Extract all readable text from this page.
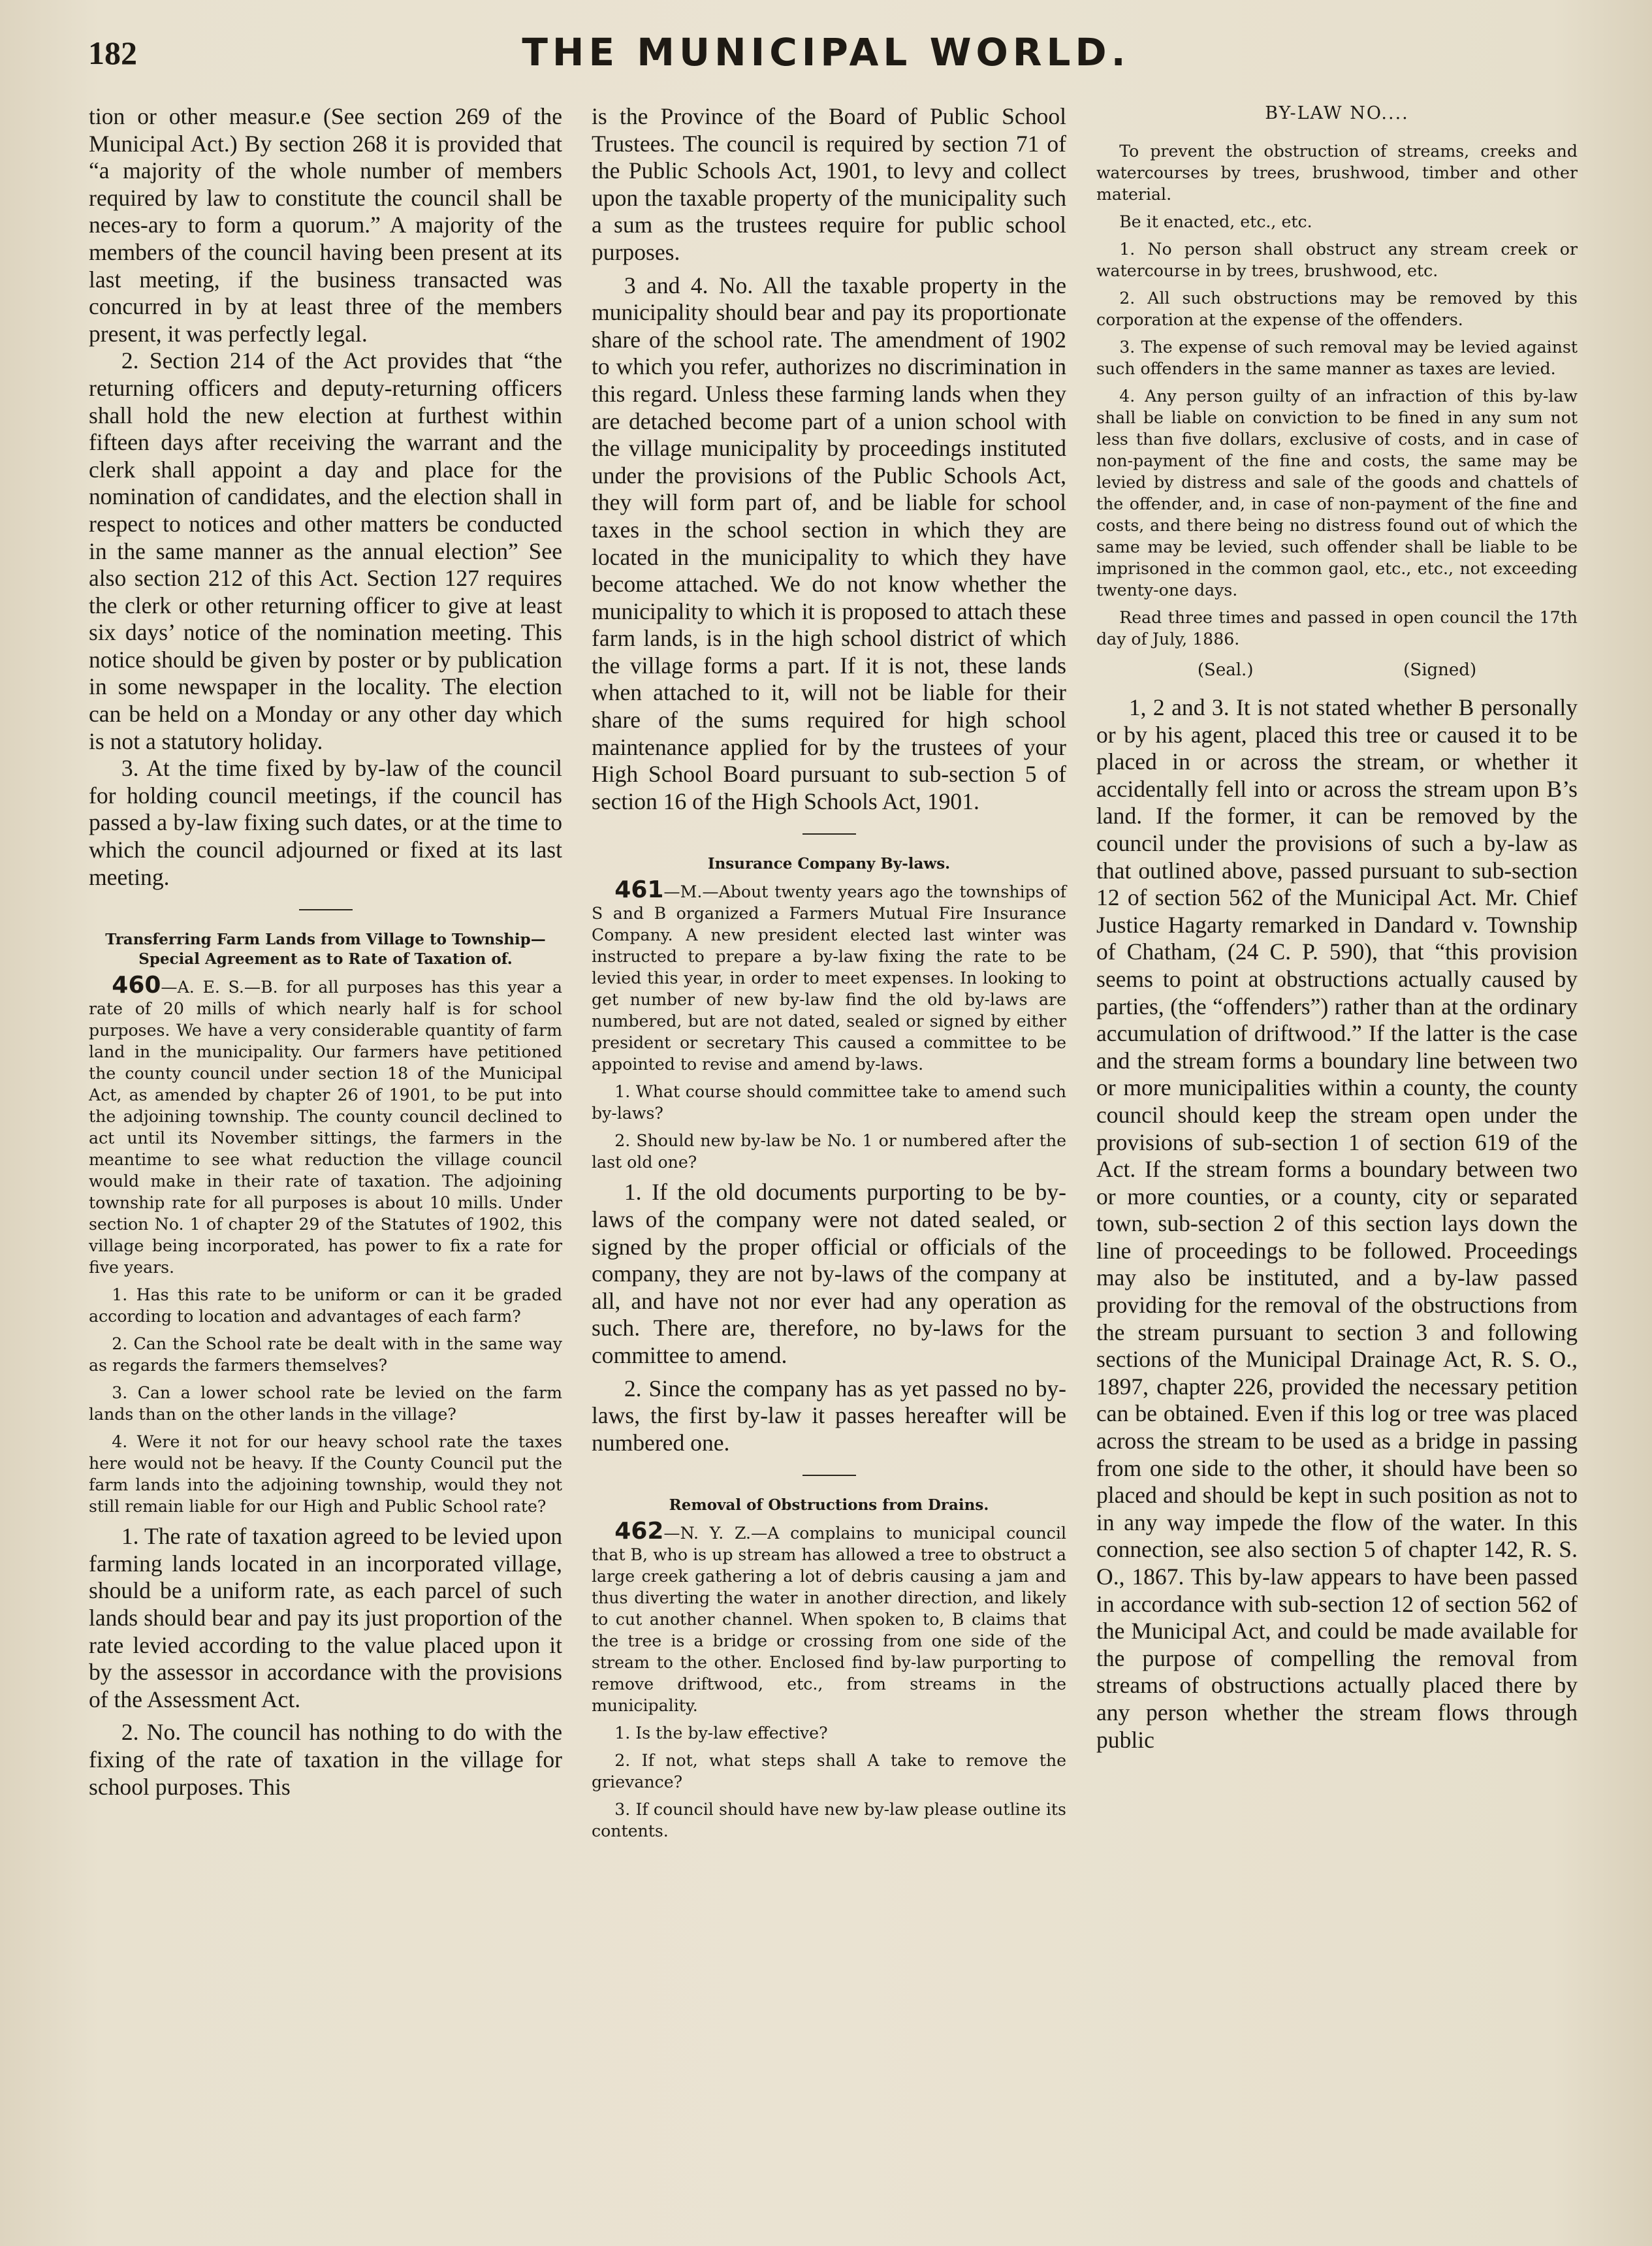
182	THE MUNICIPAL WORLD.

tion or other measur.e (See section 269 of the Municipal Act.) By section 268 it is provided that “a majority of the whole number of members required by law to constitute the council shall be neces-ary to form a quorum.” A majority of the members of the council having been present at its last meeting, if the business transacted was concurred in by at least three of the members present, it was perfectly legal.

2. Section 214 of the Act provides that “the returning officers and deputy-returning officers shall hold the new election at furthest within fifteen days after receiving the warrant and the clerk shall appoint a day and place for the nomination of candidates, and the election shall in respect to notices and other matters be conducted in the same manner as the annual election” See also section 212 of this Act. Section 127 requires the clerk or other returning officer to give at least six days’ notice of the nomination meeting. This notice should be given by poster or by publication in some newspaper in the locality. The election can be held on a Monday or any other day which is not a statutory holiday.

3. At the time fixed by by-law of the council for holding council meetings, if the council has passed a by-law fixing such dates, or at the time to which the council adjourned or fixed at its last meeting.

Transferring Farm Lands from Village to Township—Special Agreement as to Rate of Taxation of.

460—A. E. S.—B. for all purposes has this year a rate of 20 mills of which nearly half is for school purposes. We have a very considerable quantity of farm land in the municipality. Our farmers have petitioned the county council under section 18 of the Municipal Act, as amended by chapter 26 of 1901, to be put into the adjoining township. The county council declined to act until its November sittings, the farmers in the meantime to see what reduction the village council would make in their rate of taxation. The adjoining township rate for all purposes is about 10 mills. Under section No. 1 of chapter 29 of the Statutes of 1902, this village being incorporated, has power to fix a rate for five years.

1. Has this rate to be uniform or can it be graded according to location and advantages of each farm?

2. Can the School rate be dealt with in the same way as regards the farmers themselves?

3. Can a lower school rate be levied on the farm lands than on the other lands in the village?

4. Were it not for our heavy school rate the taxes here would not be heavy. If the County Council put the farm lands into the adjoining township, would they not still remain liable for our High and Public School rate?

1. The rate of taxation agreed to be levied upon farming lands located in an incorporated village, should be a uniform rate, as each parcel of such lands should bear and pay its just proportion of the rate levied according to the value placed upon it by the assessor in accordance with the provisions of the Assessment Act.

2. No. The council has nothing to do with the fixing of the rate of taxation in the village for school purposes. This

is the Province of the Board of Public School Trustees. The council is required by section 71 of the Public Schools Act, 1901, to levy and collect upon the taxable property of the municipality such a sum as the trustees require for public school purposes.

3 and 4. No. All the taxable property in the municipality should bear and pay its proportionate share of the school rate. The amendment of 1902 to which you refer, authorizes no discrimination in this regard. Unless these farming lands when they are detached become part of a union school with the village municipality by proceedings instituted under the provisions of the Public Schools Act, they will form part of, and be liable for school taxes in the school section in which they are located in the municipality to which they have become attached. We do not know whether the municipality to which it is proposed to attach these farm lands, is in the high school district of which the village forms a part. If it is not, these lands when attached to it, will not be liable for their share of the sums required for high school maintenance applied for by the trustees of your High School Board pursuant to sub-section 5 of section 16 of the High Schools Act, 1901.

Insurance Company By-laws.

461—M.—About twenty years ago the townships of S and B organized a Farmers Mutual Fire Insurance Company. A new president elected last winter was instructed to prepare a by-law fixing the rate to be levied this year, in order to meet expenses. In looking to get number of new by-law find the old by-laws are numbered, but are not dated, sealed or signed by either president or secretary This caused a committee to be appointed to revise and amend by-laws.

1. What course should committee take to amend such by-laws?

2. Should new by-law be No. 1 or numbered after the last old one?

1. If the old documents purporting to be by-laws of the company were not dated sealed, or signed by the proper official or officials of the company, they are not by-laws of the company at all, and have not nor ever had any operation as such. There are, therefore, no by-laws for the committee to amend.

2. Since the company has as yet passed no by-laws, the first by-law it passes hereafter will be numbered one.

Removal of Obstructions from Drains.

462—N. Y. Z.—A complains to municipal council that B, who is up stream has allowed a tree to obstruct a large creek gathering a lot of debris causing a jam and thus diverting the water in another direction, and likely to cut another channel. When spoken to, B claims that the tree is a bridge or crossing from one side of the stream to the other. Enclosed find by-law purporting to remove driftwood, etc., from streams in the municipality.

1. Is the by-law effective?

2. If not, what steps shall A take to remove the grievance?

3. If council should have new by-law please outline its contents.

BY-LAW NO....

To prevent the obstruction of streams, creeks and watercourses by trees, brushwood, timber and other material.

Be it enacted, etc., etc.

1. No person shall obstruct any stream creek or watercourse in by trees, brushwood, etc.

2. All such obstructions may be removed by this corporation at the expense of the offenders.

3. The expense of such removal may be levied against such offenders in the same manner as taxes are levied.

4. Any person guilty of an infraction of this by-law shall be liable on conviction to be fined in any sum not less than five dollars, exclusive of costs, and in case of non-payment of the fine and costs, the same may be levied by distress and sale of the goods and chattels of the offender, and, in case of non-payment of the fine and costs, and there being no distress found out of which the same may be levied, such offender shall be liable to be imprisoned in the common gaol, etc., etc., not exceeding twenty-one days.

Read three times and passed in open council the 17th day of July, 1886.

(Seal.)	(Signed)

1, 2 and 3. It is not stated whether B personally or by his agent, placed this tree or caused it to be placed in or across the stream, or whether it accidentally fell into or across the stream upon B’s land. If the former, it can be removed by the council under the provisions of such a by-law as that outlined above, passed pursuant to sub-section 12 of section 562 of the Municipal Act. Mr. Chief Justice Hagarty remarked in Dandard v. Township of Chatham, (24 C. P. 590), that “this provision seems to point at obstructions actually caused by parties, (the “offenders”) rather than at the ordinary accumulation of driftwood.” If the latter is the case and the stream forms a boundary line between two or more municipalities within a county, the county council should keep the stream open under the provisions of sub-section 1 of section 619 of the Act. If the stream forms a boundary between two or more counties, or a county, city or separated town, sub-section 2 of this section lays down the line of proceedings to be followed. Proceedings may also be instituted, and a by-law passed providing for the removal of the obstructions from the stream pursuant to section 3 and following sections of the Municipal Drainage Act, R. S. O., 1897, chapter 226, provided the necessary petition can be obtained. Even if this log or tree was placed across the stream to be used as a bridge in passing from one side to the other, it should have been so placed and should be kept in such position as not to in any way impede the flow of the water. In this connection, see also section 5 of chapter 142, R. S. O., 1867. This by-law appears to have been passed in accordance with sub-section 12 of section 562 of the Municipal Act, and could be made available for the purpose of compelling the removal from streams of obstructions actually placed there by any person whether the stream flows through public
